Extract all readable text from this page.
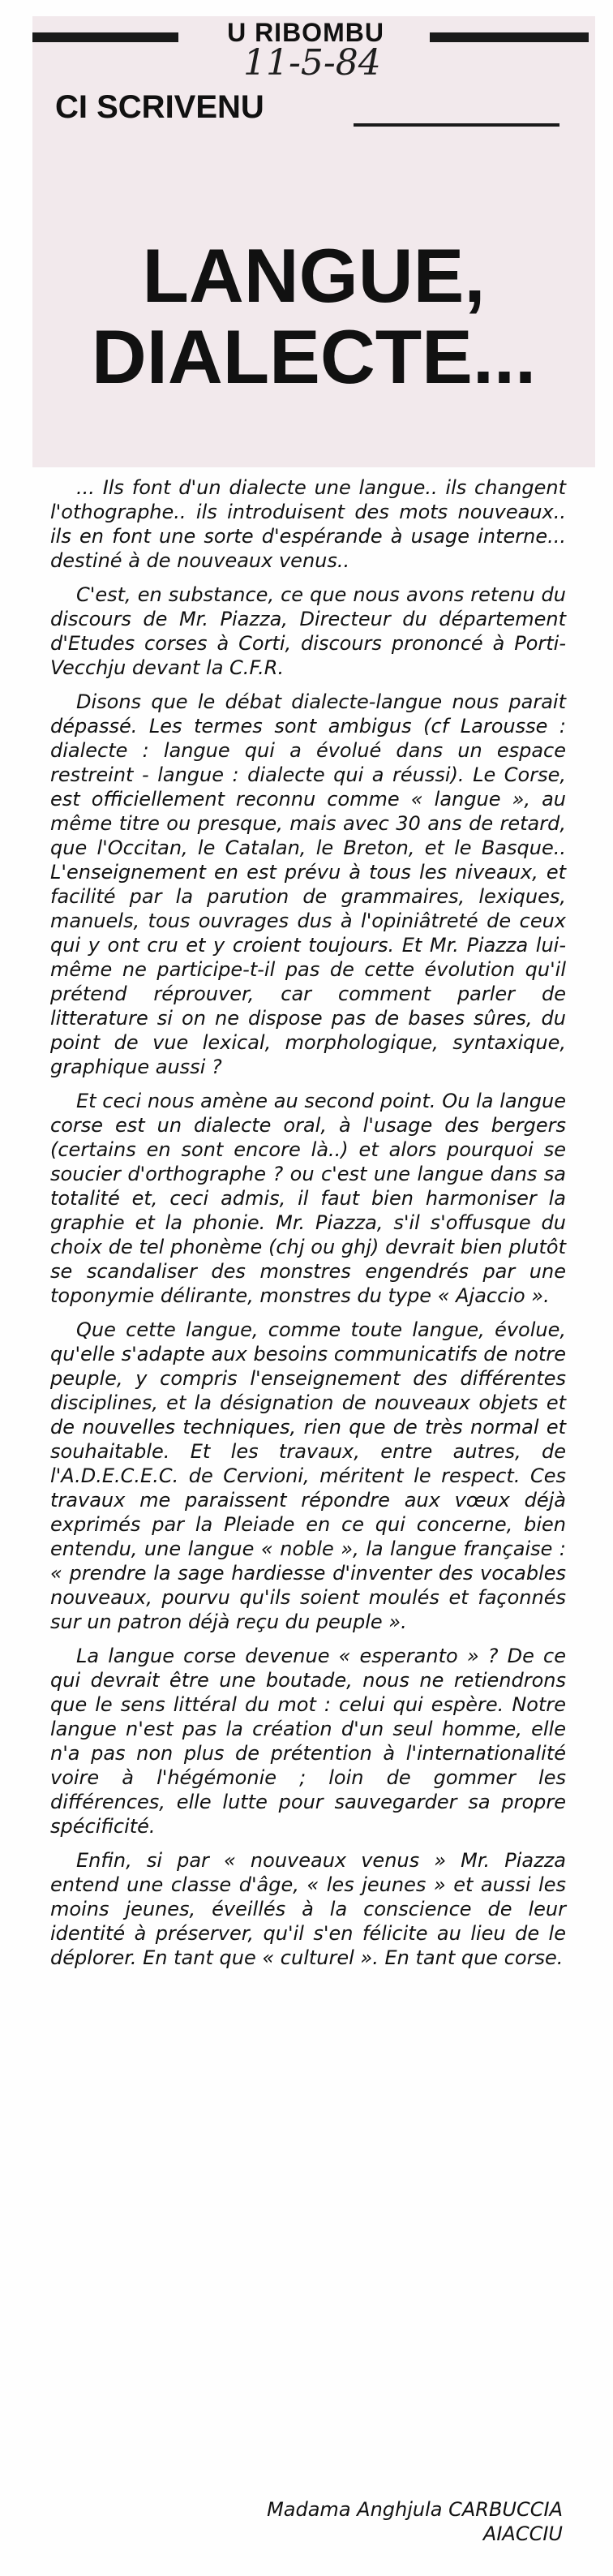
U RIBOMBU
11-5-84
CI SCRIVENU
LANGUE,
DIALECTE...

... Ils font d'un dialecte une langue.. ils changent l'othographe.. ils introduisent des mots nouveaux.. ils en font une sorte d'espérande à usage interne... destiné à de nouveaux venus..

C'est, en substance, ce que nous avons retenu du discours de Mr. Piazza, Directeur du département d'Etudes corses à Corti, discours prononcé à Porti-Vecchju devant la C.F.R.

Disons que le débat dialecte-langue nous parait dépassé. Les termes sont ambigus (cf Larousse : dialecte : langue qui a évolué dans un espace restreint - langue : dialecte qui a réussi). Le Corse, est officiellement reconnu comme « langue », au même titre ou presque, mais avec 30 ans de retard, que l'Occitan, le Catalan, le Breton, et le Basque.. L'enseignement en est prévu à tous les niveaux, et facilité par la parution de grammaires, lexiques, manuels, tous ouvrages dus à l'opiniâtreté de ceux qui y ont cru et y croient toujours. Et Mr. Piazza lui-même ne participe-t-il pas de cette évolution qu'il prétend réprouver, car comment parler de litterature si on ne dispose pas de bases sûres, du point de vue lexical, morphologique, syntaxique, graphique aussi ?

Et ceci nous amène au second point. Ou la langue corse est un dialecte oral, à l'usage des bergers (certains en sont encore là..) et alors pourquoi se soucier d'orthographe ? ou c'est une langue dans sa totalité et, ceci admis, il faut bien harmoniser la graphie et la phonie. Mr. Piazza, s'il s'offusque du choix de tel phonème (chj ou ghj) devrait bien plutôt se scandaliser des monstres engendrés par une toponymie délirante, monstres du type « Ajaccio ».

Que cette langue, comme toute langue, évolue, qu'elle s'adapte aux besoins communicatifs de notre peuple, y compris l'enseignement des différentes disciplines, et la désignation de nouveaux objets et de nouvelles techniques, rien que de très normal et souhaitable. Et les travaux, entre autres, de l'A.D.E.C.E.C. de Cervioni, méritent le respect. Ces travaux me paraissent répondre aux vœux déjà exprimés par la Pleiade en ce qui concerne, bien entendu, une langue « noble », la langue française : « prendre la sage hardiesse d'inventer des vocables nouveaux, pourvu qu'ils soient moulés et façonnés sur un patron déjà reçu du peuple ».

La langue corse devenue « esperanto » ? De ce qui devrait être une boutade, nous ne retiendrons que le sens littéral du mot : celui qui espère. Notre langue n'est pas la création d'un seul homme, elle n'a pas non plus de prétention à l'internationalité voire à l'hégémonie ; loin de gommer les différences, elle lutte pour sauvegarder sa propre spécificité.

Enfin, si par « nouveaux venus » Mr. Piazza entend une classe d'âge, « les jeunes » et aussi les moins jeunes, éveillés à la conscience de leur identité à préserver, qu'il s'en félicite au lieu de le déplorer. En tant que « culturel ». En tant que corse.

Madama Anghjula CARBUCCIA
AIACCIU
